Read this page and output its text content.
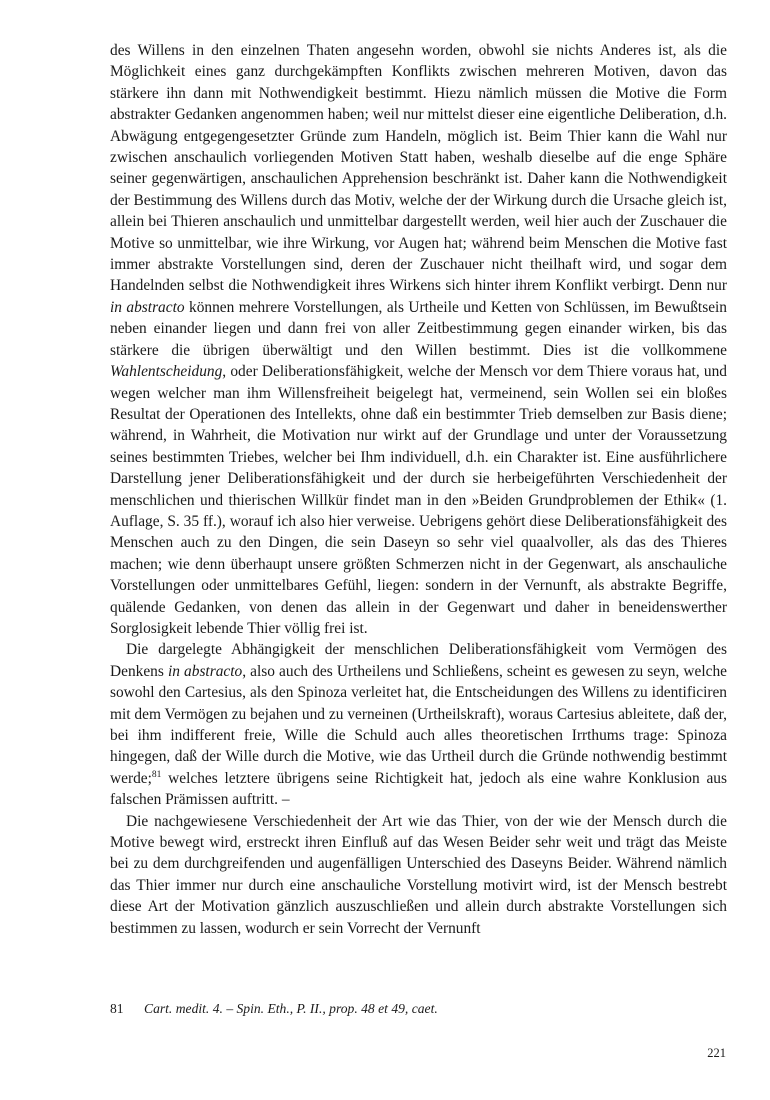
des Willens in den einzelnen Thaten angesehn worden, obwohl sie nichts Anderes ist, als die Möglichkeit eines ganz durchgekämpften Konflikts zwischen mehreren Motiven, davon das stärkere ihn dann mit Nothwendigkeit bestimmt. Hiezu nämlich müssen die Motive die Form abstrakter Gedanken angenommen haben; weil nur mittelst dieser eine eigentliche Deliberation, d.h. Abwägung entgegengesetzter Gründe zum Handeln, möglich ist. Beim Thier kann die Wahl nur zwischen anschaulich vorliegenden Motiven Statt haben, weshalb dieselbe auf die enge Sphäre seiner gegenwärtigen, anschaulichen Apprehension beschränkt ist. Daher kann die Nothwendigkeit der Bestimmung des Willens durch das Motiv, welche der der Wirkung durch die Ursache gleich ist, allein bei Thieren anschaulich und unmittelbar dargestellt werden, weil hier auch der Zuschauer die Motive so unmittelbar, wie ihre Wirkung, vor Augen hat; während beim Menschen die Motive fast immer abstrakte Vorstellungen sind, deren der Zuschauer nicht theilhaft wird, und sogar dem Handelnden selbst die Nothwendigkeit ihres Wirkens sich hinter ihrem Konflikt verbirgt. Denn nur in abstracto können mehrere Vorstellungen, als Urtheile und Ketten von Schlüssen, im Bewußtsein neben einander liegen und dann frei von aller Zeitbestimmung gegen einander wirken, bis das stärkere die übrigen überwältigt und den Willen bestimmt. Dies ist die vollkommene Wahlentscheidung, oder Deliberationsfähigkeit, welche der Mensch vor dem Thiere voraus hat, und wegen welcher man ihm Willensfreiheit beigelegt hat, vermeinend, sein Wollen sei ein bloßes Resultat der Operationen des Intellekts, ohne daß ein bestimmter Trieb demselben zur Basis diene; während, in Wahrheit, die Motivation nur wirkt auf der Grundlage und unter der Voraussetzung seines bestimmten Triebes, welcher bei Ihm individuell, d.h. ein Charakter ist. Eine ausführlichere Darstellung jener Deliberationsfähigkeit und der durch sie herbeigeführten Verschiedenheit der menschlichen und thierischen Willkür findet man in den »Beiden Grundproblemen der Ethik« (1. Auflage, S. 35 ff.), worauf ich also hier verweise. Uebrigens gehört diese Deliberationsfähigkeit des Menschen auch zu den Dingen, die sein Daseyn so sehr viel quaalvoller, als das des Thieres machen; wie denn überhaupt unsere größten Schmerzen nicht in der Gegenwart, als anschauliche Vorstellungen oder unmittelbares Gefühl, liegen: sondern in der Vernunft, als abstrakte Begriffe, quälende Gedanken, von denen das allein in der Gegenwart und daher in beneidenswerther Sorglosigkeit lebende Thier völlig frei ist.

Die dargelegte Abhängigkeit der menschlichen Deliberationsfähigkeit vom Vermögen des Denkens in abstracto, also auch des Urtheilens und Schließens, scheint es gewesen zu seyn, welche sowohl den Cartesius, als den Spinoza verleitet hat, die Entscheidungen des Willens zu identificiren mit dem Vermögen zu bejahen und zu verneinen (Urtheilskraft), woraus Cartesius ableitete, daß der, bei ihm indifferent freie, Wille die Schuld auch alles theoretischen Irrthums trage: Spinoza hingegen, daß der Wille durch die Motive, wie das Urtheil durch die Gründe nothwendig bestimmt werde;$^{81}$ welches letztere übrigens seine Richtigkeit hat, jedoch als eine wahre Konklusion aus falschen Prämissen auftritt. –

Die nachgewiesene Verschiedenheit der Art wie das Thier, von der wie der Mensch durch die Motive bewegt wird, erstreckt ihren Einfluß auf das Wesen Beider sehr weit und trägt das Meiste bei zu dem durchgreifenden und augenfälligen Unterschied des Daseyns Beider. Während nämlich das Thier immer nur durch eine anschauliche Vorstellung motivirt wird, ist der Mensch bestrebt diese Art der Motivation gänzlich auszuschließen und allein durch abstrakte Vorstellungen sich bestimmen zu lassen, wodurch er sein Vorrecht der Vernunft

81 Cart. medit. 4. – Spin. Eth., P. II., prop. 48 et 49, caet.
221
